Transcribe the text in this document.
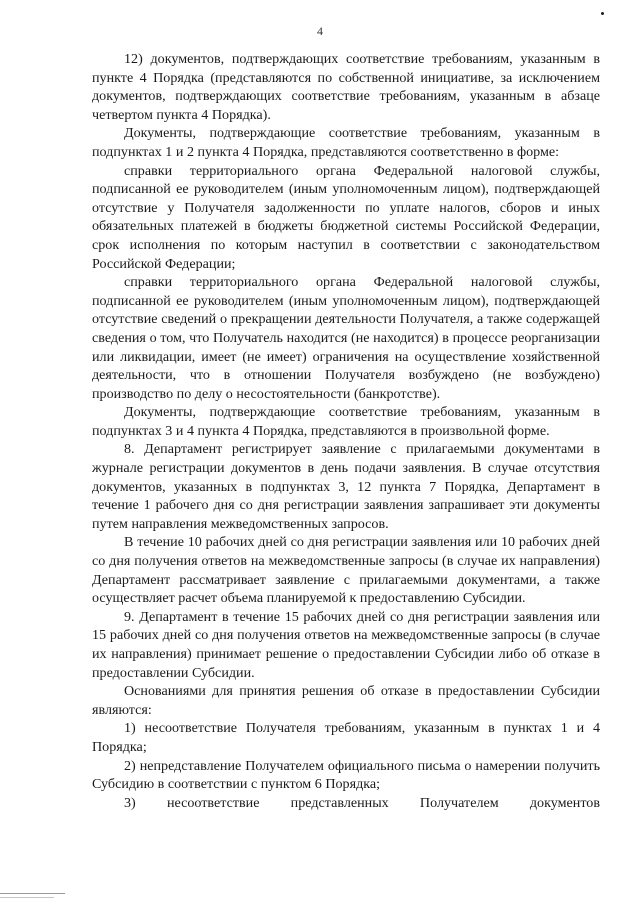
4

12) документов, подтверждающих соответствие требованиям, указанным в пункте 4 Порядка (представляются по собственной инициативе, за исключением документов, подтверждающих соответствие требованиям, указанным в абзаце четвертом пункта 4 Порядка).

Документы, подтверждающие соответствие требованиям, указанным в подпунктах 1 и 2 пункта 4 Порядка, представляются соответственно в форме:

справки территориального органа Федеральной налоговой службы, подписанной ее руководителем (иным уполномоченным лицом), подтверждающей отсутствие у Получателя задолженности по уплате налогов, сборов и иных обязательных платежей в бюджеты бюджетной системы Российской Федерации, срок исполнения по которым наступил в соответствии с законодательством Российской Федерации;

справки территориального органа Федеральной налоговой службы, подписанной ее руководителем (иным уполномоченным лицом), подтверждающей отсутствие сведений о прекращении деятельности Получателя, а также содержащей сведения о том, что Получатель находится (не находится) в процессе реорганизации или ликвидации, имеет (не имеет) ограничения на осуществление хозяйственной деятельности, что в отношении Получателя возбуждено (не возбуждено) производство по делу о несостоятельности (банкротстве).

Документы, подтверждающие соответствие требованиям, указанным в подпунктах 3 и 4 пункта 4 Порядка, представляются в произвольной форме.

8. Департамент регистрирует заявление с прилагаемыми документами в журнале регистрации документов в день подачи заявления. В случае отсутствия документов, указанных в подпунктах 3, 12 пункта 7 Порядка, Департамент в течение 1 рабочего дня со дня регистрации заявления запрашивает эти документы путем направления межведомственных запросов.

В течение 10 рабочих дней со дня регистрации заявления или 10 рабочих дней со дня получения ответов на межведомственные запросы (в случае их направления) Департамент рассматривает заявление с прилагаемыми документами, а также осуществляет расчет объема планируемой к предоставлению Субсидии.

9. Департамент в течение 15 рабочих дней со дня регистрации заявления или 15 рабочих дней со дня получения ответов на межведомственные запросы (в случае их направления) принимает решение о предоставлении Субсидии либо об отказе в предоставлении Субсидии.

Основаниями для принятия решения об отказе в предоставлении Субсидии являются:

1) несоответствие Получателя требованиям, указанным в пунктах 1 и 4 Порядка;

2) непредставление Получателем официального письма о намерении получить Субсидию в соответствии с пунктом 6 Порядка;

3) несоответствие представленных Получателем документов
